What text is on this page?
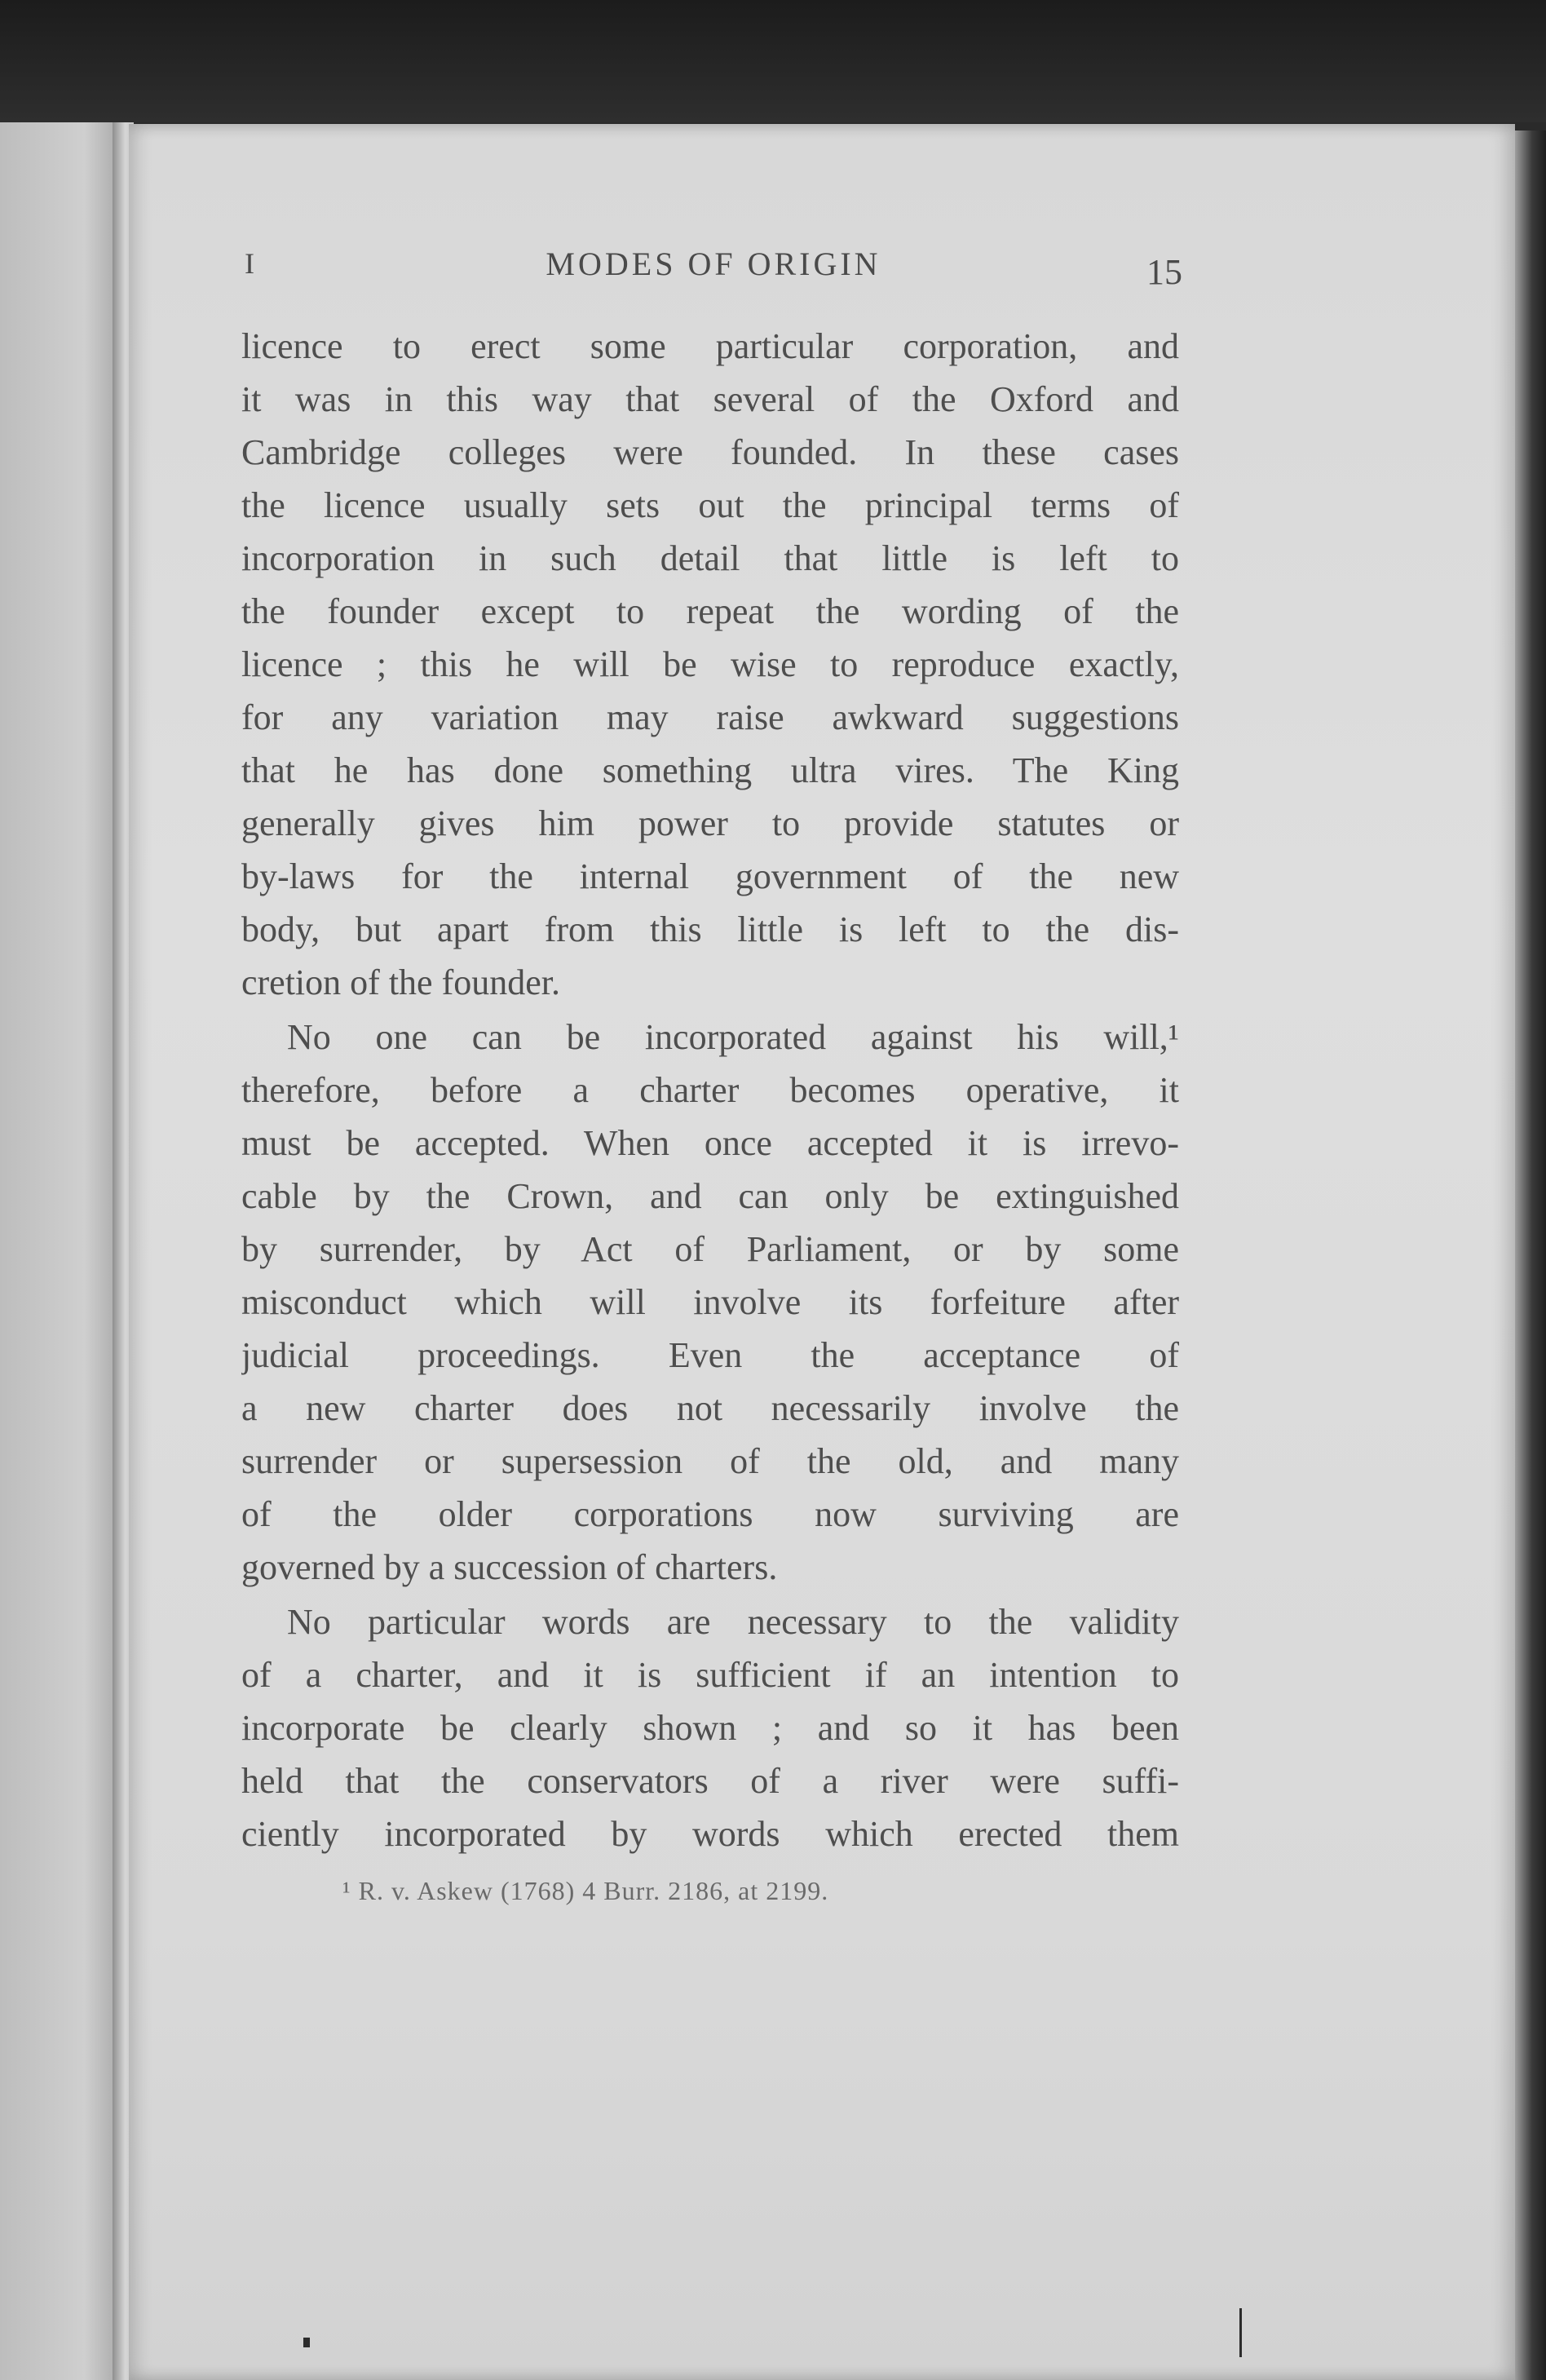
I	MODES OF ORIGIN	15
licence to erect some particular corporation, and
it was in this way that several of the Oxford and
Cambridge colleges were founded. In these cases
the licence usually sets out the principal terms of
incorporation in such detail that little is left to
the founder except to repeat the wording of the
licence ; this he will be wise to reproduce exactly,
for any variation may raise awkward suggestions
that he has done something ultra vires. The King
generally gives him power to provide statutes or
by-laws for the internal government of the new
body, but apart from this little is left to the dis-
cretion of the founder.
No one can be incorporated against his will,¹
therefore, before a charter becomes operative, it
must be accepted. When once accepted it is irrevo-
cable by the Crown, and can only be extinguished
by surrender, by Act of Parliament, or by some
misconduct which will involve its forfeiture after
judicial proceedings. Even the acceptance of
a new charter does not necessarily involve the
surrender or supersession of the old, and many
of the older corporations now surviving are
governed by a succession of charters.
No particular words are necessary to the validity
of a charter, and it is sufficient if an intention to
incorporate be clearly shown ; and so it has been
held that the conservators of a river were suffi-
ciently incorporated by words which erected them
¹ R. v. Askew (1768) 4 Burr. 2186, at 2199.
